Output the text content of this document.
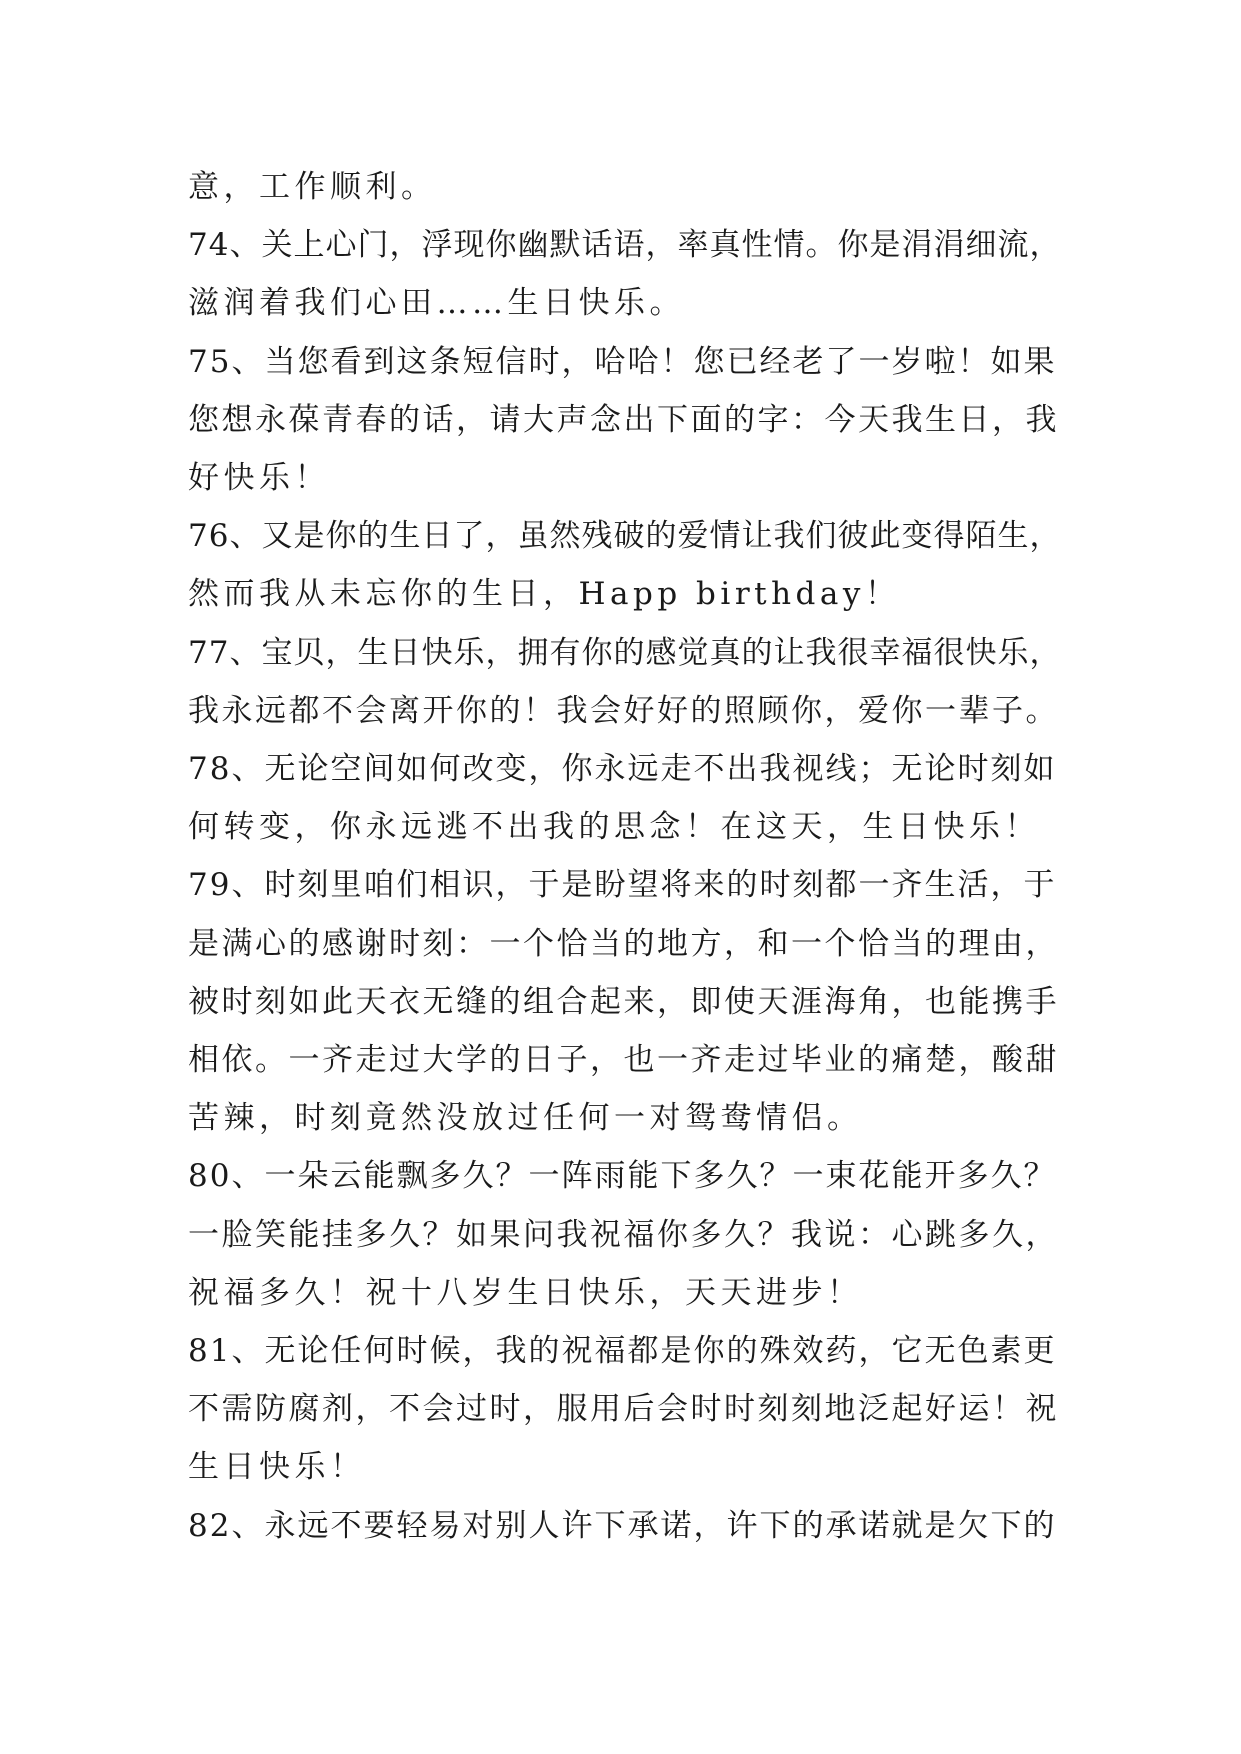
意，工作顺利。

74、关上心门，浮现你幽默话语，率真性情。你是涓涓细流，

滋润着我们心田……生日快乐。

75、当您看到这条短信时，哈哈！您已经老了一岁啦！如果

您想永葆青春的话，请大声念出下面的字：今天我生日，我

好快乐！

76、又是你的生日了，虽然残破的爱情让我们彼此变得陌生，

然而我从未忘你的生日，Happ birthday！

77、宝贝，生日快乐，拥有你的感觉真的让我很幸福很快乐，

我永远都不会离开你的！我会好好的照顾你，爱你一辈子。

78、无论空间如何改变，你永远走不出我视线；无论时刻如

何转变，你永远逃不出我的思念！在这天，生日快乐！

79、时刻里咱们相识，于是盼望将来的时刻都一齐生活，于

是满心的感谢时刻：一个恰当的地方，和一个恰当的理由，

被时刻如此天衣无缝的组合起来，即使天涯海角，也能携手

相依。一齐走过大学的日子，也一齐走过毕业的痛楚，酸甜

苦辣，时刻竟然没放过任何一对鸳鸯情侣。

80、一朵云能飘多久？一阵雨能下多久？一束花能开多久？

一脸笑能挂多久？如果问我祝福你多久？我说：心跳多久，

祝福多久！祝十八岁生日快乐，天天进步！

81、无论任何时候，我的祝福都是你的殊效药，它无色素更

不需防腐剂，不会过时，服用后会时时刻刻地泛起好运！祝

生日快乐！

82、永远不要轻易对别人许下承诺，许下的承诺就是欠下的
